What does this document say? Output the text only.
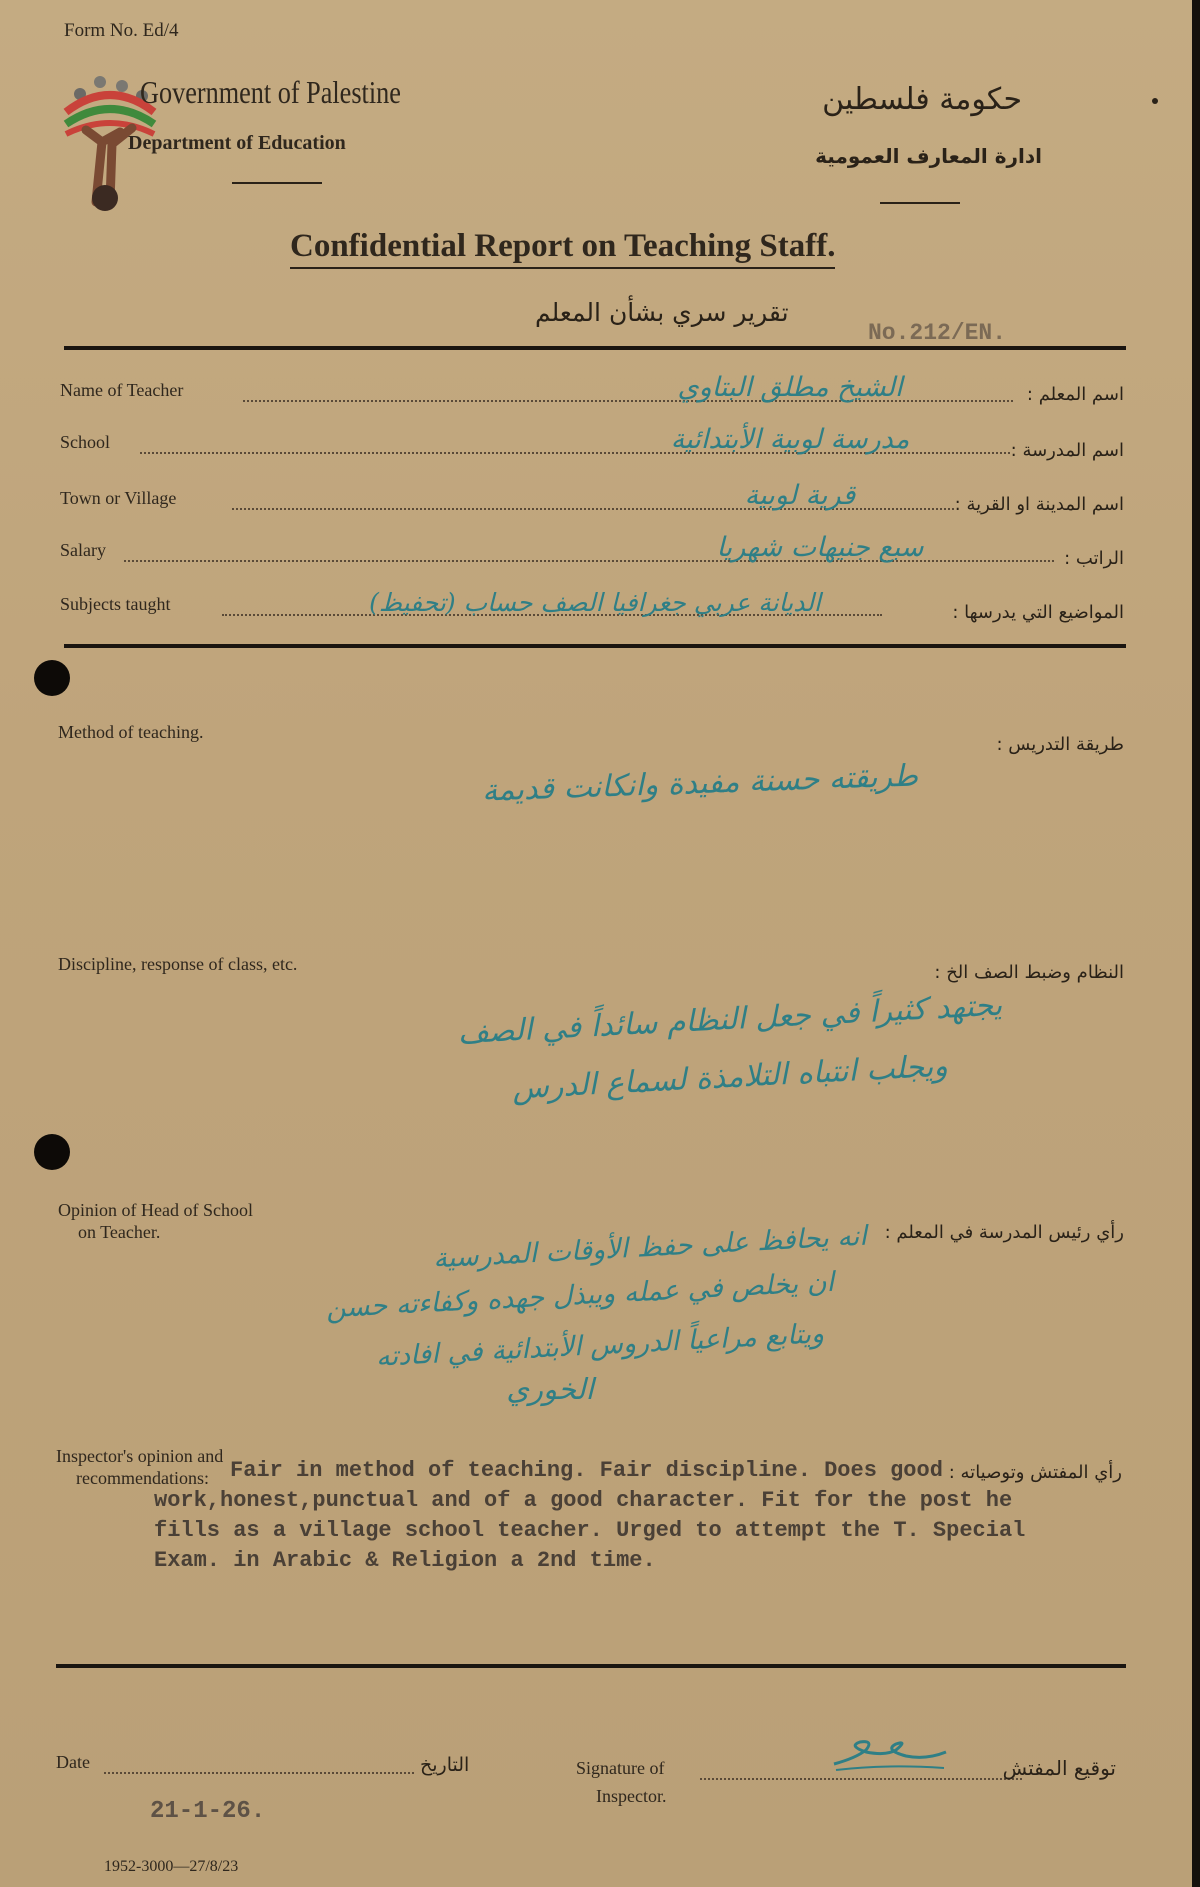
Form No. Ed/4
Government of Palestine
Department of Education
حكومة فلسطين
ادارة المعارف العمومية
Confidential Report on Teaching Staff.
تقرير سري بشأن المعلم
No.212/EN.
Name of Teacher	الشيخ مطلق البتاوي	اسم المعلم :
School	مدرسة لوبية الأبتدائية	اسم المدرسة :
Town or Village	قرية لوبية	اسم المدينة او القرية :
Salary	سبع جنيهات شهريا	الراتب :
Subjects taught	الديانة عربي جغرافيا الصف حساب (تحفيظ)	المواضيع التي يدرسها :
Method of teaching.
طريقة التدريس :
طريقته حسنة مفيدة وانكانت قديمة
Discipline, response of class, etc.	النظام وضبط الصف الخ :
يجتهد كثيراً في جعل النظام سائداً في الصف
ويجلب انتباه التلامذة لسماع الدرس
Opinion of Head of School
on Teacher.	رأي رئيس المدرسة في المعلم :
انه يحافظ على حفظ الأوقات المدرسية
ان يخلص في عمله ويبذل جهده وكفاءته حسن
ويتابع مراعياً الدروس الأبتدائية في افادته
الخوري
Inspector's opinion and
recommendations:	رأي المفتش وتوصياته :
Fair in method of teaching. Fair discipline. Does good
work,honest,punctual and of a good character. Fit for the post he
fills as a village school teacher. Urged to attempt the T. Special
Exam. in Arabic & Religion a 2nd time.
Date	التاريخ
21-1-26.
Signature of
Inspector.
توقيع المفتش
1952-3000—27/8/23
